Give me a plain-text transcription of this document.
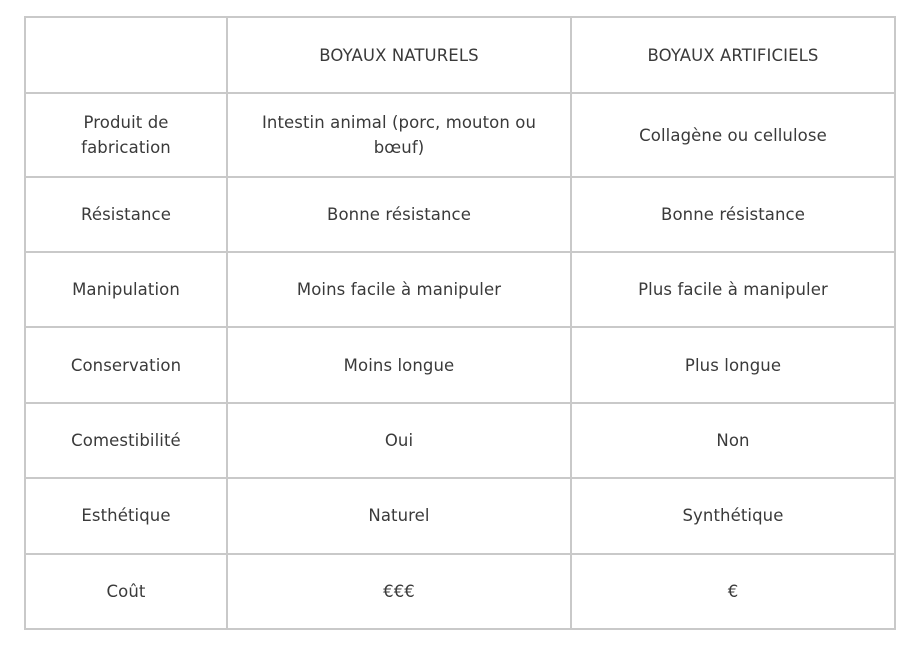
	BOYAUX NATURELS	BOYAUX ARTIFICIELS
Produit de fabrication	Intestin animal (porc, mouton ou bœuf)	Collagène ou cellulose
Résistance	Bonne résistance	Bonne résistance
Manipulation	Moins facile à manipuler	Plus facile à manipuler
Conservation	Moins longue	Plus longue
Comestibilité	Oui	Non
Esthétique	Naturel	Synthétique
Coût	€€€	€
